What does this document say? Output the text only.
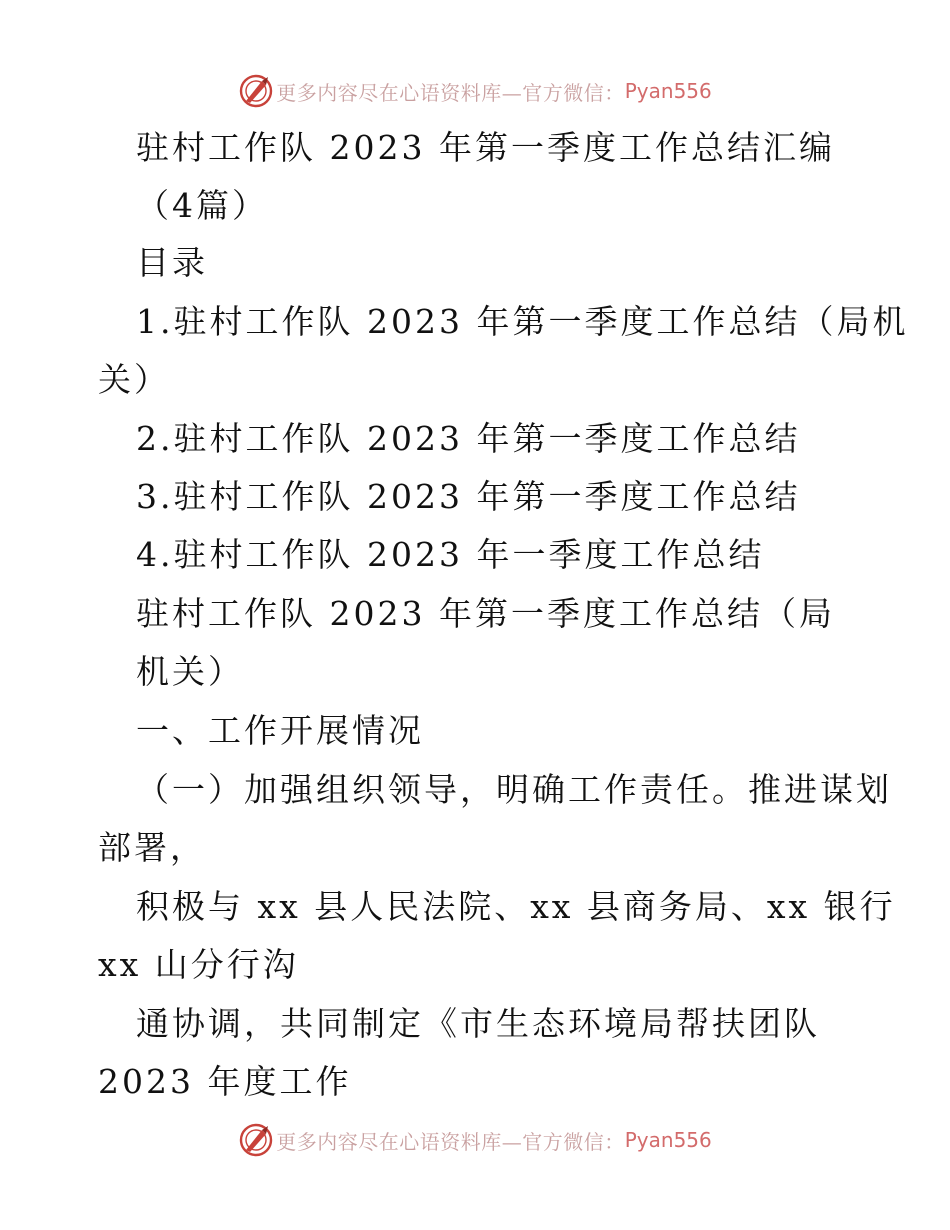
更多内容尽在心语资料库—官方微信： Pyan556
驻村工作队 2023 年第一季度工作总结汇编
（4篇）
目录
1.驻村工作队 2023 年第一季度工作总结（局机
关）
2.驻村工作队 2023 年第一季度工作总结
3.驻村工作队 2023 年第一季度工作总结
4.驻村工作队 2023 年一季度工作总结
驻村工作队 2023 年第一季度工作总结（局
机关）
一、工作开展情况
（一）加强组织领导，明确工作责任。推进谋划
部署，
积极与 xx 县人民法院、xx 县商务局、xx 银行
xx 山分行沟
通协调，共同制定《市生态环境局帮扶团队
2023 年度工作
更多内容尽在心语资料库—官方微信： Pyan556
